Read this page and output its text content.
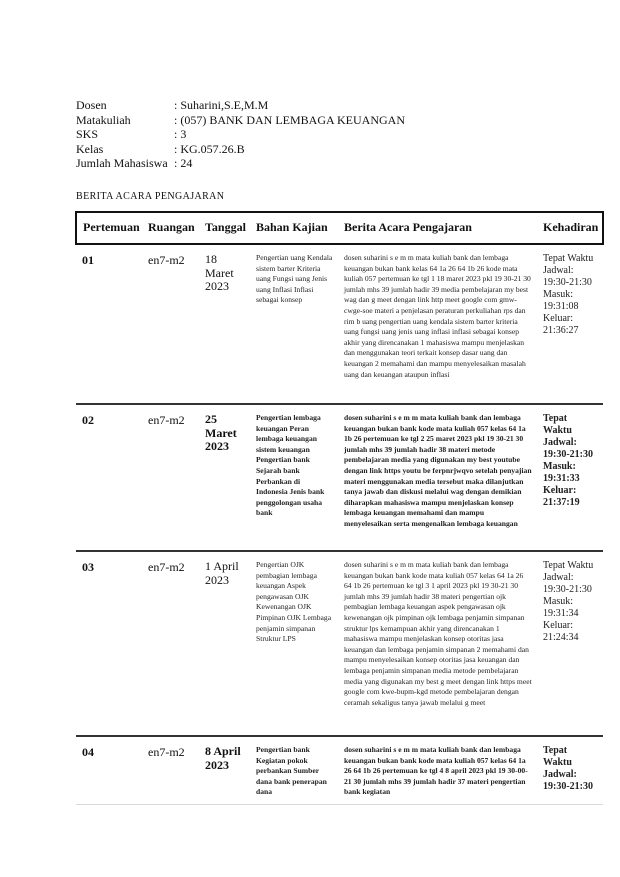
Dosen	: Suharini,S.E,M.M
Matakuliah	: (057) BANK DAN LEMBAGA KEUANGAN
SKS	: 3
Kelas	: KG.057.26.B
Jumlah Mahasiswa : 24
BERITA ACARA PENGAJARAN
Pertemuan	Ruangan	Tanggal	Bahan Kajian	Berita Acara Pengajaran	Kehadiran
01	en7-m2	18 Maret 2023	Pengertian uang Kendala sistem barter Kriteria uang Fungsi uang Jenis uang Inflasi Inflasi sebagai konsep	dosen suharini s e m m mata kuliah bank dan lembaga keuangan bukan bank kelas 64 1a 26 64 1b 26 kode mata kuliah 057 pertemuan ke tgl 1 18 maret 2023 pkl 19 30-21 30 jumlah mhs 39 jumlah hadir 39 media pembelajaran my best wag dan g meet dengan link http meet google com gmw-cwge-soe materi a penjelasan peraturan perkuliahan rps dan rim b uang pengertian uang kendala sistem barter kriteria uang fungsi uang jenis uang inflasi inflasi sebagai konsep akhir yang direncanakan 1 mahasiswa mampu menjelaskan dan menggunakan teori terkait konsep dasar uang dan keuangan 2 memahami dan mampu menyelesaikan masalah uang dan keuangan ataupun inflasi	Tepat Waktu Jadwal: 19:30-21:30 Masuk: 19:31:08 Keluar: 21:36:27
02	en7-m2	25 Maret 2023	Pengertian lembaga keuangan Peran lembaga keuangan sistem keuangan Pengertian bank Sejarah bank Perbankan di Indonesia Jenis bank penggolongan usaha bank	dosen suharini s e m m mata kuliah bank dan lembaga keuangan bukan bank kode mata kuliah 057 kelas 64 1a 1b 26 pertemuan ke tgl 2 25 maret 2023 pkl 19 30-21 30 jumlah mhs 39 jumlah hadir 38 materi metode pembelajaran media yang digunakan my best youtube dengan link https youtu be ferpnrjwqvo setelah penyajian materi menggunakan media tersebut maka dilanjutkan tanya jawab dan diskusi melalui wag dengan demikian diharapkan mahasiswa mampu menjelaskan konsep lembaga keuangan memahami dan mampu menyelesaikan serta mengenalkan lembaga keuangan	Tepat Waktu Jadwal: 19:30-21:30 Masuk: 19:31:33 Keluar: 21:37:19
03	en7-m2	1 April 2023	Pengertian OJK pembagian lembaga keuangan Aspek pengawasan OJK Kewenangan OJK Pimpinan OJK Lembaga penjamin simpanan Struktur LPS	dosen suharini s e m m mata kuliah bank dan lembaga keuangan bukan bank kode mata kuliah 057 kelas 64 1a 26 64 1b 26 pertemuan ke tgl 3 1 april 2023 pkl 19 30-21 30 jumlah mhs 39 jumlah hadir 38 materi pengertian ojk pembagian lembaga keuangan aspek pengawasan ojk kewenangan ojk pimpinan ojk lembaga penjamin simpanan struktur lps kemampuan akhir yang direncanakan 1 mahasiswa mampu menjelaskan konsep otoritas jasa keuangan dan lembaga penjamin simpanan 2 memahami dan mampu menyelesaikan konsep otoritas jasa keuangan dan lembaga penjamin simpanan media metode pembelajaran media yang digunakan my best g meet dengan link https meet google com kwe-bupm-kgd metode pembelajaran dengan ceramah sekaligus tanya jawab melalui g meet	Tepat Waktu Jadwal: 19:30-21:30 Masuk: 19:31:34 Keluar: 21:24:34
04	en7-m2	8 April 2023	Pengertian bank Kegiatan pokok perbankan Sumber dana bank penerapan dana	dosen suharini s e m m mata kuliah bank dan lembaga keuangan bukan bank kode mata kuliah 057 kelas 64 1a 26 64 1b 26 pertemuan ke tgl 4 8 april 2023 pkl 19 30-00-21 30 jumlah mhs 39 jumlah hadir 37 materi pengertian bank kegiatan	Tepat Waktu Jadwal: 19:30-21:30
